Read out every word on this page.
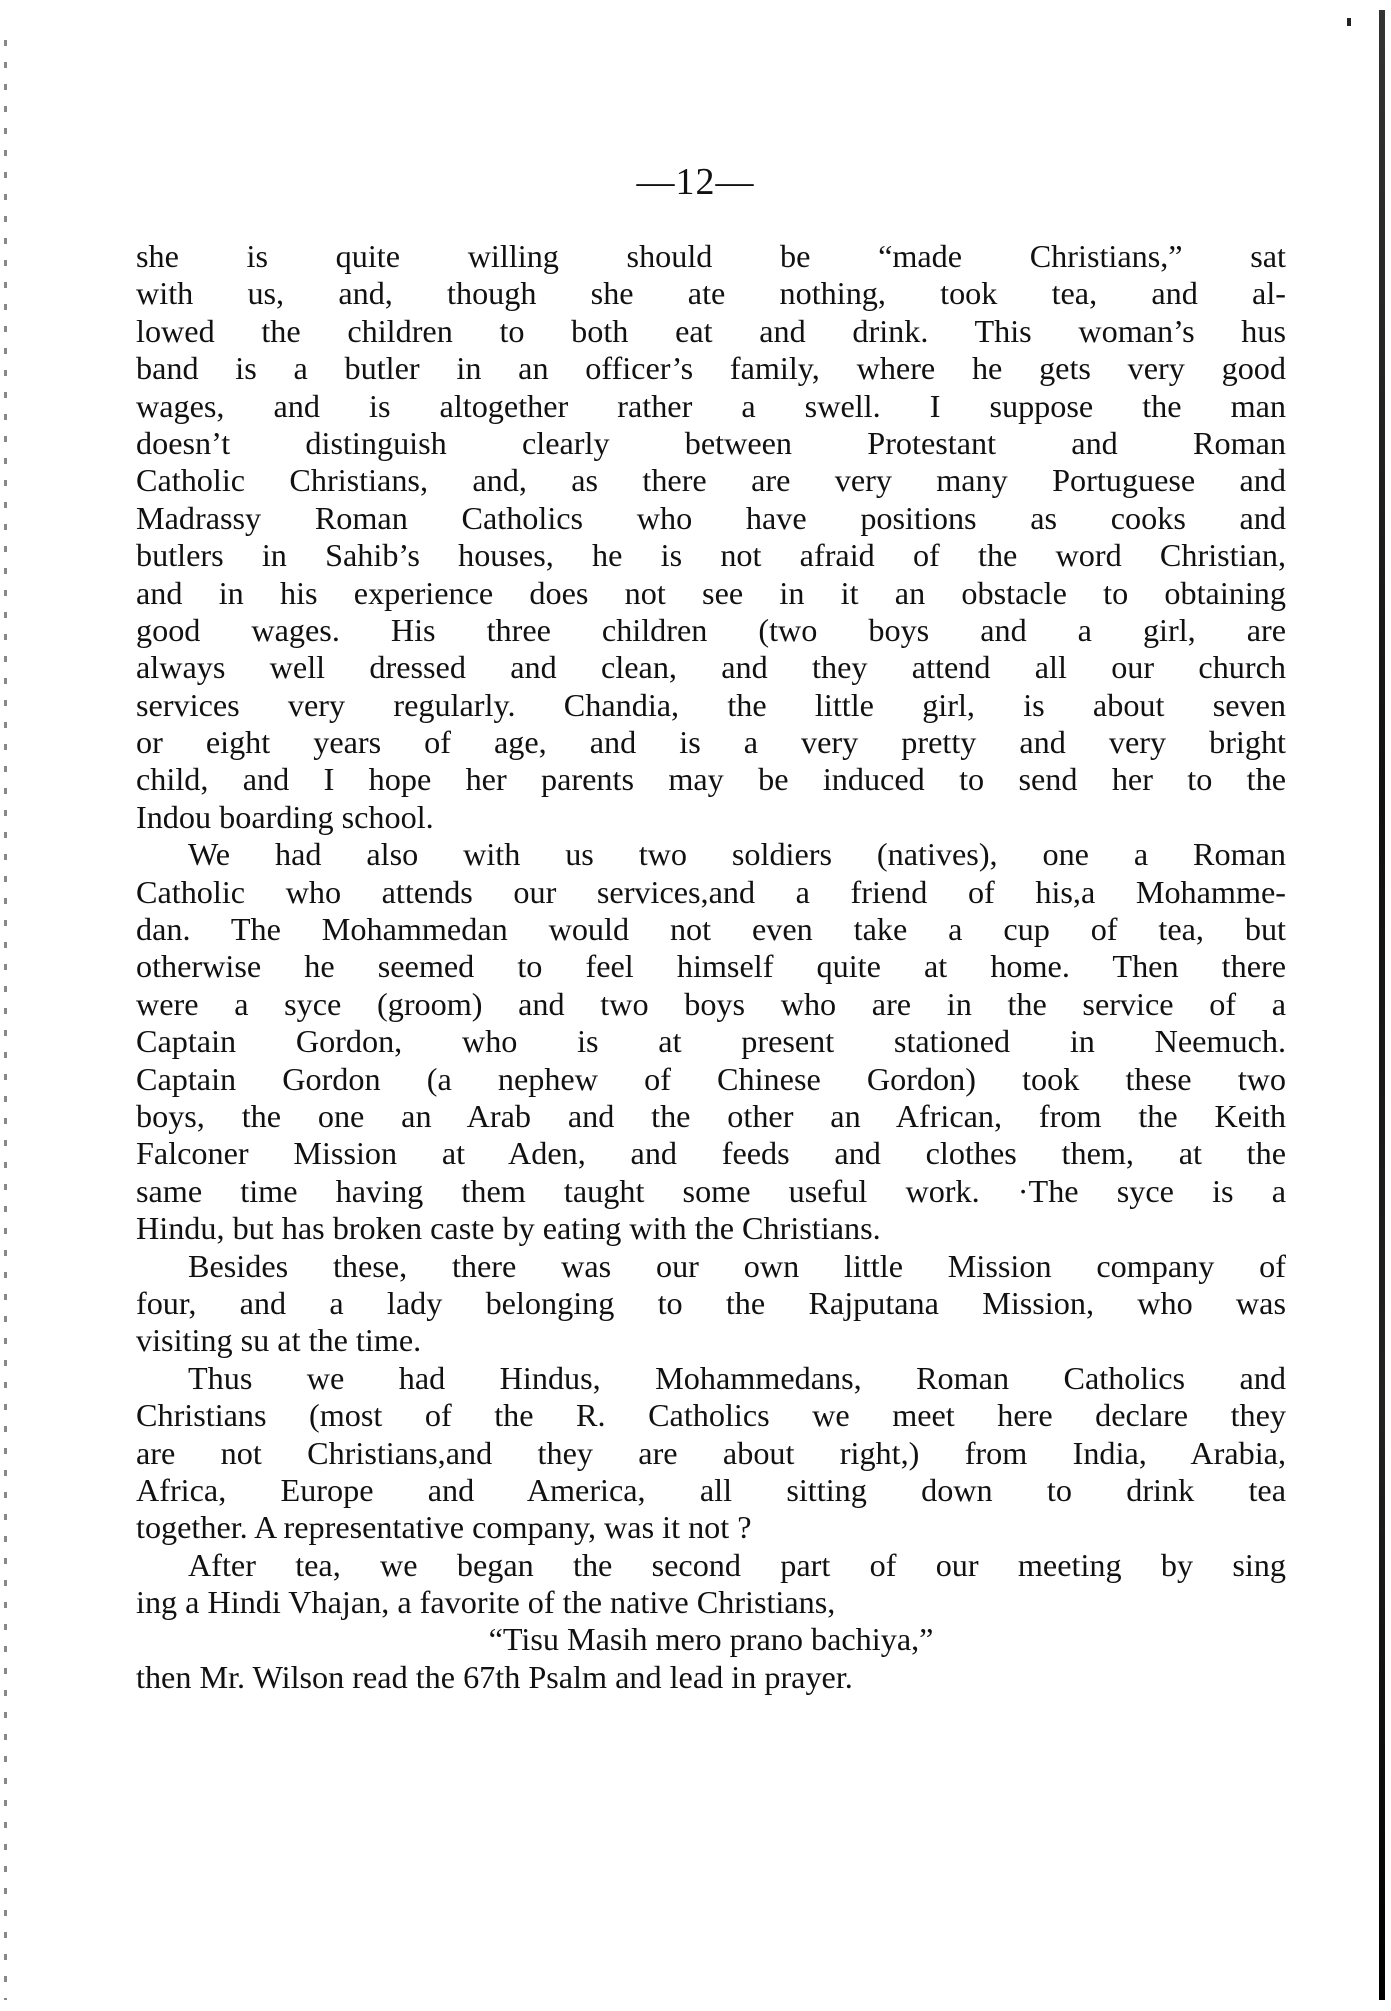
—12—
she is quite willing should be “made Christians,” sat
with us, and, though she ate nothing, took tea, and al-
lowed the children to both eat and drink. This woman’s hus
band is a butler in an officer’s family, where he gets very good
wages, and is altogether rather a swell. I suppose the man
doesn’t distinguish clearly between Protestant and Roman
Catholic Christians, and, as there are very many Portuguese and
Madrassy Roman Catholics who have positions as cooks and
butlers in Sahib’s houses, he is not afraid of the word Christian,
and in his experience does not see in it an obstacle to obtaining
good wages. His three children (two boys and a girl, are
always well dressed and clean, and they attend all our church
services very regularly. Chandia, the little girl, is about seven
or eight years of age, and is a very pretty and very bright
child, and I hope her parents may be induced to send her to the
Indou boarding school.
We had also with us two soldiers (natives), one a Roman
Catholic who attends our services,and a friend of his,a Mohamme-
dan. The Mohammedan would not even take a cup of tea, but
otherwise he seemed to feel himself quite at home. Then there
were a syce (groom) and two boys who are in the service of a
Captain Gordon, who is at present stationed in Neemuch.
Captain Gordon (a nephew of Chinese Gordon) took these two
boys, the one an Arab and the other an African, from the Keith
Falconer Mission at Aden, and feeds and clothes them, at the
same time having them taught some useful work. ·The syce is a
Hindu, but has broken caste by eating with the Christians.
Besides these, there was our own little Mission company of
four, and a lady belonging to the Rajputana Mission, who was
visiting su at the time.
Thus we had Hindus, Mohammedans, Roman Catholics and
Christians (most of the R. Catholics we meet here declare they
are not Christians,and they are about right,) from India, Arabia,
Africa, Europe and America, all sitting down to drink tea
together. A representative company, was it not ?
After tea, we began the second part of our meeting by sing
ing a Hindi Vhajan, a favorite of the native Christians,
“Tisu Masih mero prano bachiya,”
then Mr. Wilson read the 67th Psalm and lead in prayer.
